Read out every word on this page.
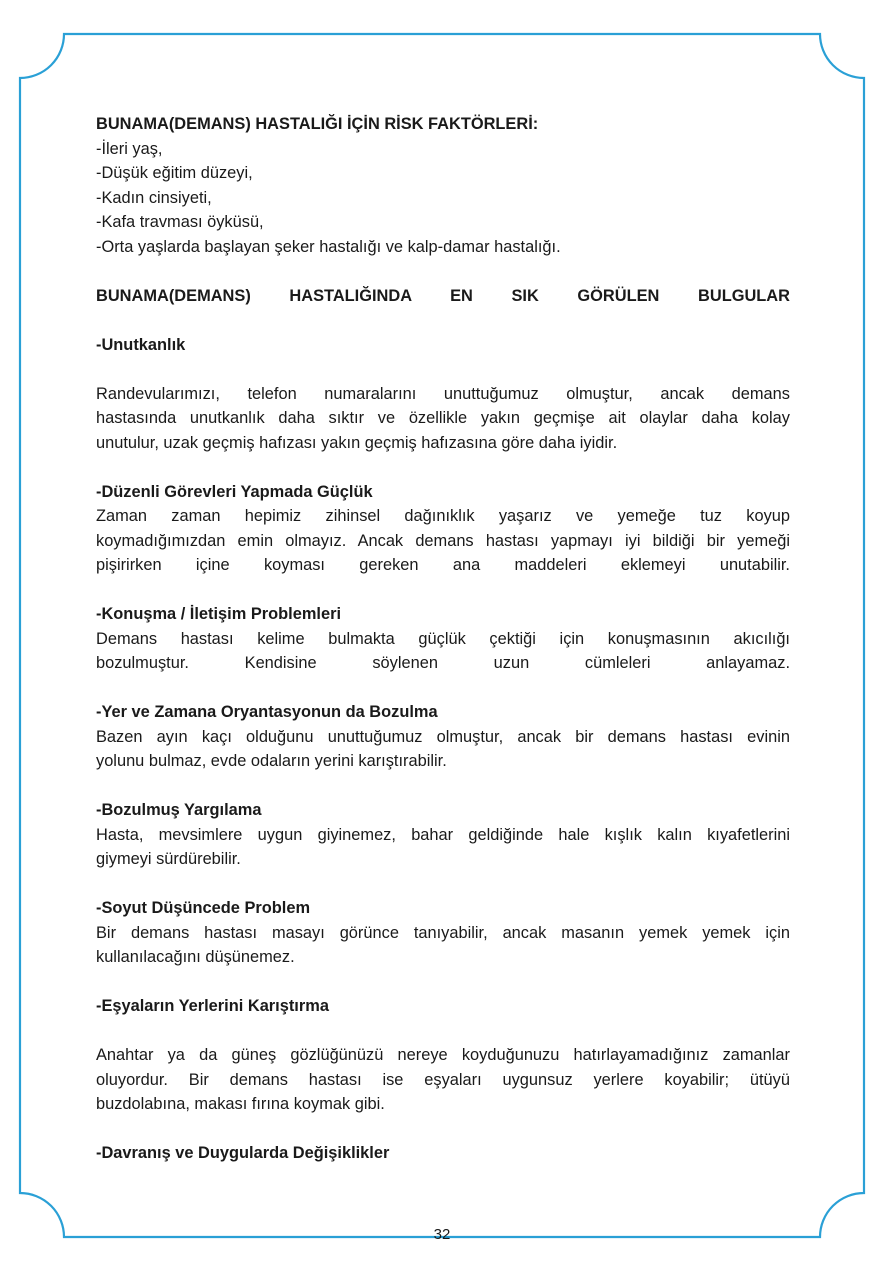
BUNAMA(DEMANS) HASTALIĞI İÇİN RİSK FAKTÖRLERİ:

-İleri yaş,

-Düşük eğitim düzeyi,

-Kadın cinsiyeti,

-Kafa travması öyküsü,

-Orta yaşlarda başlayan şeker hastalığı ve kalp-damar hastalığı.

BUNAMA(DEMANS) HASTALIĞINDA EN SIK GÖRÜLEN BULGULAR

-Unutkanlık

Randevularımızı, telefon numaralarını unuttuğumuz olmuştur, ancak demans

hastasında unutkanlık daha sıktır ve özellikle yakın geçmişe ait olaylar daha kolay

unutulur, uzak geçmiş hafızası yakın geçmiş hafızasına göre daha iyidir.

-Düzenli Görevleri Yapmada Güçlük

Zaman zaman hepimiz zihinsel dağınıklık yaşarız ve yemeğe tuz koyup

koymadığımızdan emin olmayız. Ancak demans hastası yapmayı iyi bildiği bir yemeği

pişirirken içine koyması gereken ana maddeleri eklemeyi unutabilir.

-Konuşma / İletişim Problemleri

Demans hastası kelime bulmakta güçlük çektiği için konuşmasının akıcılığı

bozulmuştur. Kendisine söylenen uzun cümleleri anlayamaz.

-Yer ve Zamana Oryantasyonun da Bozulma

Bazen ayın kaçı olduğunu unuttuğumuz olmuştur, ancak bir demans hastası evinin

yolunu bulmaz, evde odaların yerini karıştırabilir.

-Bozulmuş Yargılama

Hasta, mevsimlere uygun giyinemez, bahar geldiğinde hale kışlık kalın kıyafetlerini

giymeyi sürdürebilir.

-Soyut Düşüncede Problem

Bir demans hastası masayı görünce tanıyabilir, ancak masanın yemek yemek için

kullanılacağını düşünemez.

-Eşyaların Yerlerini Karıştırma

Anahtar ya da güneş gözlüğünüzü nereye koyduğunuzu hatırlayamadığınız zamanlar

oluyordur. Bir demans hastası ise eşyaları uygunsuz yerlere koyabilir; ütüyü

buzdolabına, makası fırına koymak gibi.

-Davranış ve Duygularda Değişiklikler

32
